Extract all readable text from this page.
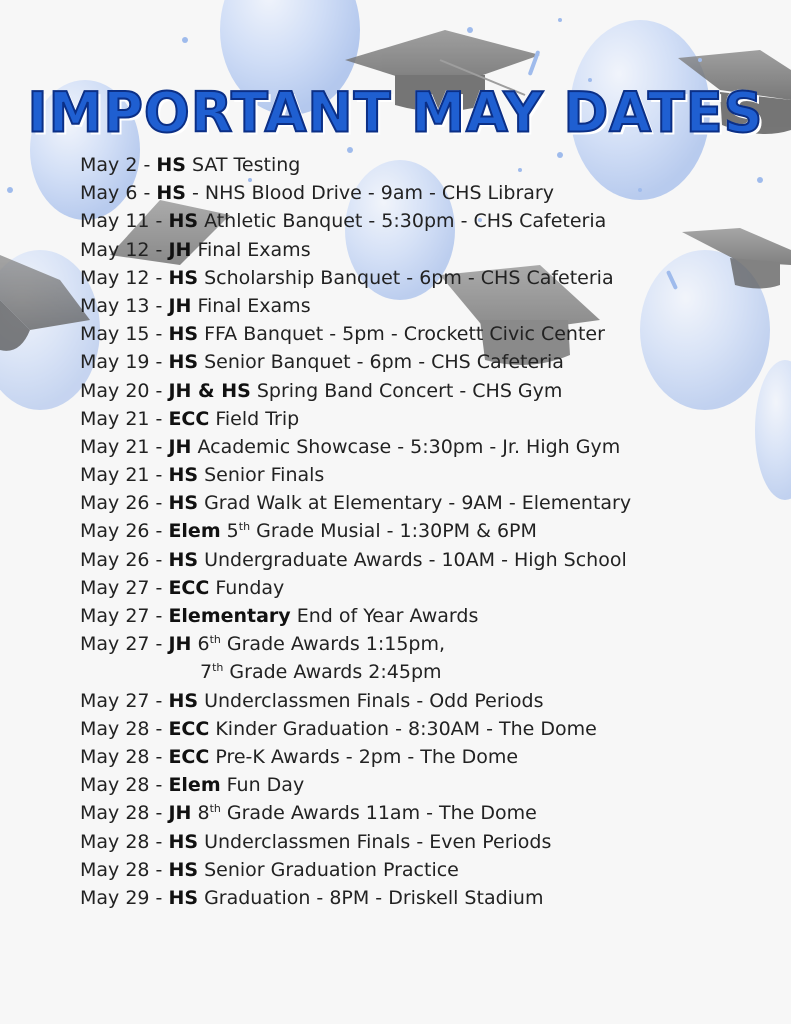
IMPORTANT MAY DATES
May 2 - HS SAT Testing
May 6 - HS - NHS Blood Drive - 9am - CHS Library
May 11 - HS Athletic Banquet - 5:30pm - CHS Cafeteria
May 12 - JH Final Exams
May 12 - HS Scholarship Banquet - 6pm - CHS Cafeteria
May 13 - JH Final Exams
May 15 - HS FFA Banquet - 5pm - Crockett Civic Center
May 19 - HS Senior Banquet - 6pm - CHS Cafeteria
May 20 - JH & HS Spring Band Concert - CHS Gym
May 21 - ECC Field Trip
May 21 - JH Academic Showcase - 5:30pm - Jr. High Gym
May 21 - HS Senior Finals
May 26 - HS Grad Walk at Elementary - 9AM - Elementary
May 26 - Elem 5th Grade Musial - 1:30PM & 6PM
May 26 - HS Undergraduate Awards - 10AM - High School
May 27 - ECC Funday
May 27 - Elementary End of Year Awards
May 27 - JH 6th Grade Awards 1:15pm,
7th Grade Awards 2:45pm
May 27 - HS Underclassmen Finals - Odd Periods
May 28 - ECC Kinder Graduation - 8:30AM - The Dome
May 28 - ECC Pre-K Awards - 2pm - The Dome
May 28 - Elem Fun Day
May 28 - JH 8th Grade Awards 11am - The Dome
May 28 - HS Underclassmen Finals - Even Periods
May 28 - HS Senior Graduation Practice
May 29 - HS Graduation - 8PM - Driskell Stadium
